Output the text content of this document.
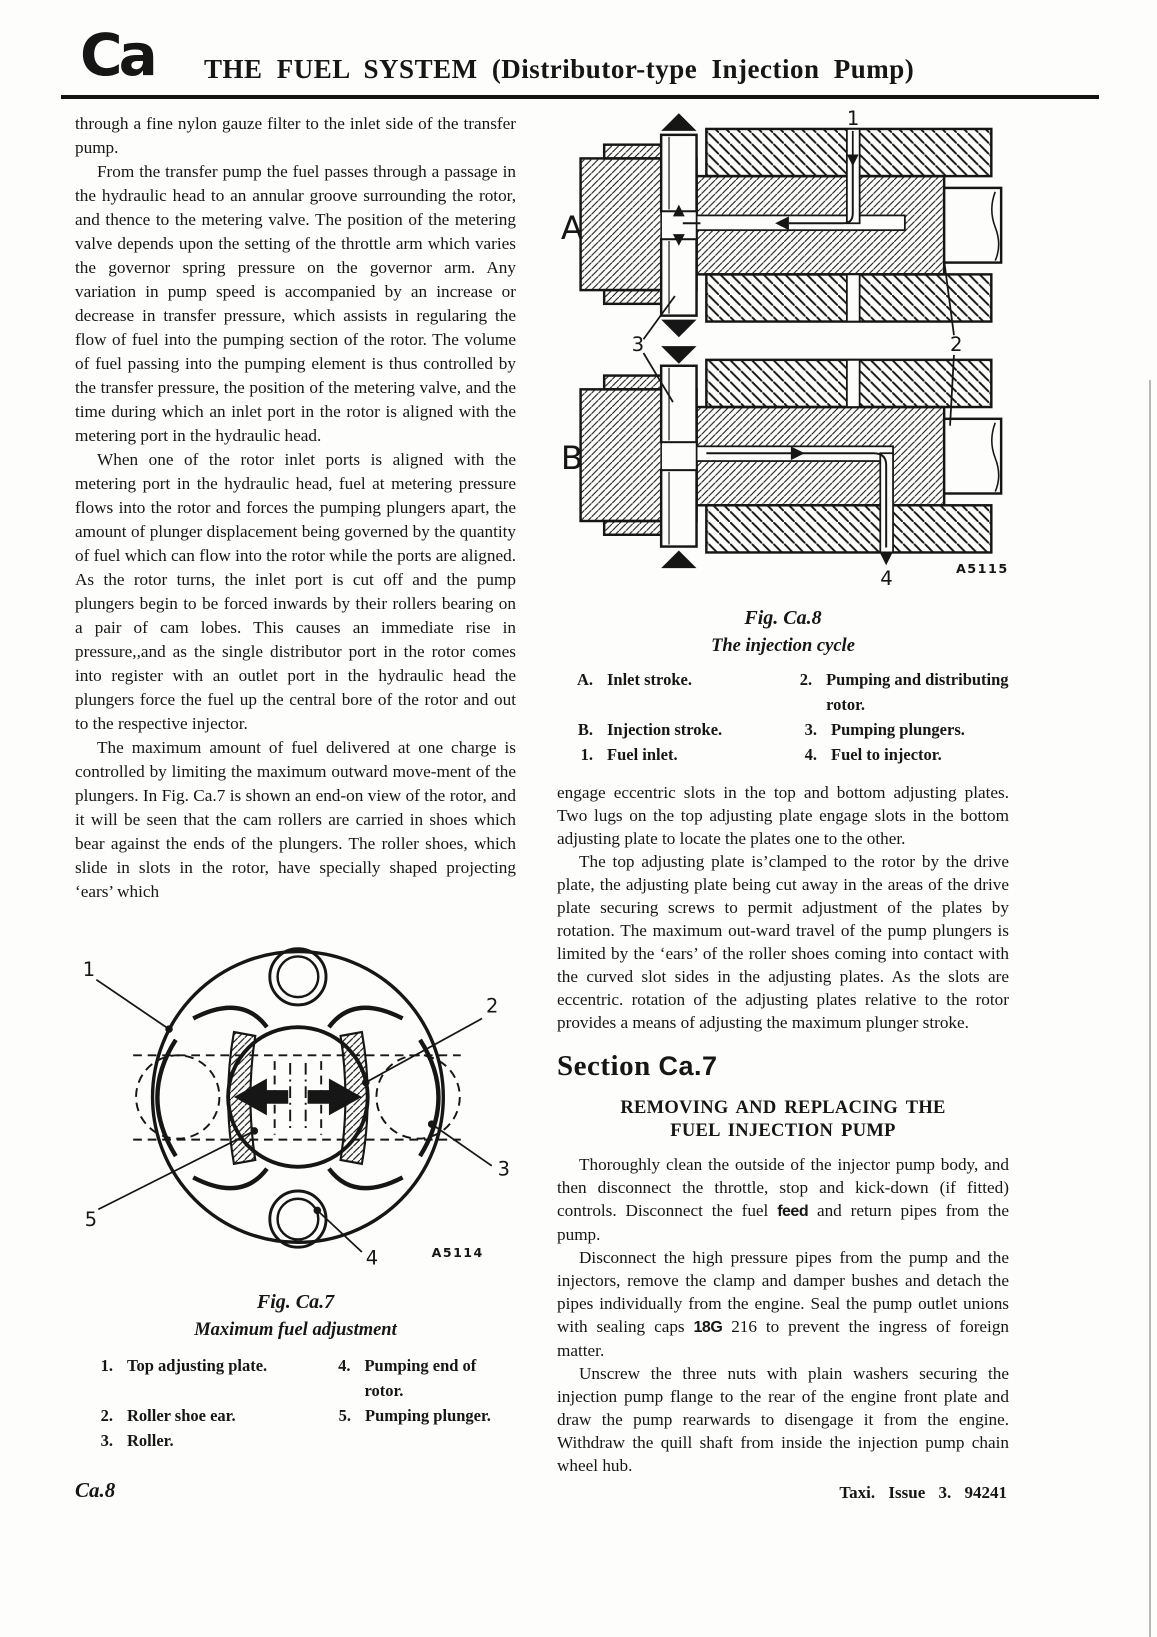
Ca THE FUEL SYSTEM (Distributor-type Injection Pump)

through a fine nylon gauze filter to the inlet side of the transfer pump.

From the transfer pump the fuel passes through a passage in the hydraulic head to an annular groove surrounding the rotor, and thence to the metering valve. The position of the metering valve depends upon the setting of the throttle arm which varies the governor spring pressure on the governor arm. Any variation in pump speed is accompanied by an increase or decrease in transfer pressure, which assists in regularing the flow of fuel into the pumping section of the rotor. The volume of fuel passing into the pumping element is thus controlled by the transfer pressure, the position of the metering valve, and the time during which an inlet port in the rotor is aligned with the metering port in the hydraulic head.

When one of the rotor inlet ports is aligned with the metering port in the hydraulic head, fuel at metering pressure flows into the rotor and forces the pumping plungers apart, the amount of plunger displacement being governed by the quantity of fuel which can flow into the rotor while the ports are aligned. As the rotor turns, the inlet port is cut off and the pump plungers begin to be forced inwards by their rollers bearing on a pair of cam lobes. This causes an immediate rise in pressure,,and as the single distributor port in the rotor comes into register with an outlet port in the hydraulic head the plungers force the fuel up the central bore of the rotor and out to the respective injector.

The maximum amount of fuel delivered at one charge is controlled by limiting the maximum outward move-ment of the plungers. In Fig. Ca.7 is shown an end-on view of the rotor, and it will be seen that the cam rollers are carried in shoes which bear against the ends of the plungers. The roller shoes, which slide in slots in the rotor, have specially shaped projecting ‘ears’ which

1
2
3
4
5
A5114
Fig. Ca.7
Maximum fuel adjustment
1. Top adjusting plate.	4. Pumping end of rotor.
2. Roller shoe ear.	5. Pumping plunger.
3. Roller.
A
B
1
2
3
4	A5115
Fig. Ca.8
The injection cycle
A. Inlet stroke.	2. Pumping and distributing rotor.
B. Injection stroke.	3. Pumping plungers.
1. Fuel inlet.	4. Fuel to injector.

engage eccentric slots in the top and bottom adjusting plates. Two lugs on the top adjusting plate engage slots in the bottom adjusting plate to locate the plates one to the other.

The top adjusting plate is’clamped to the rotor by the drive plate, the adjusting plate being cut away in the areas of the drive plate securing screws to permit adjustment of the plates by rotation. The maximum out-ward travel of the pump plungers is limited by the ‘ears’ of the roller shoes coming into contact with the curved slot sides in the adjusting plates. As the slots are eccentric. rotation of the adjusting plates relative to the rotor provides a means of adjusting the maximum plunger stroke.

Section Ca.7
REMOVING AND REPLACING THE FUEL INJECTION PUMP

Thoroughly clean the outside of the injector pump body, and then disconnect the throttle, stop and kick-down (if fitted) controls. Disconnect the fuel feed and return pipes from the pump.

Disconnect the high pressure pipes from the pump and the injectors, remove the clamp and damper bushes and detach the pipes individually from the engine. Seal the pump outlet unions with sealing caps 18G 216 to prevent the ingress of foreign matter.

Unscrew the three nuts with plain washers securing the injection pump flange to the rear of the engine front plate and draw the pump rearwards to disengage it from the engine. Withdraw the quill shaft from inside the injection pump chain wheel hub.

Ca.8	Taxi. Issue 3. 94241
